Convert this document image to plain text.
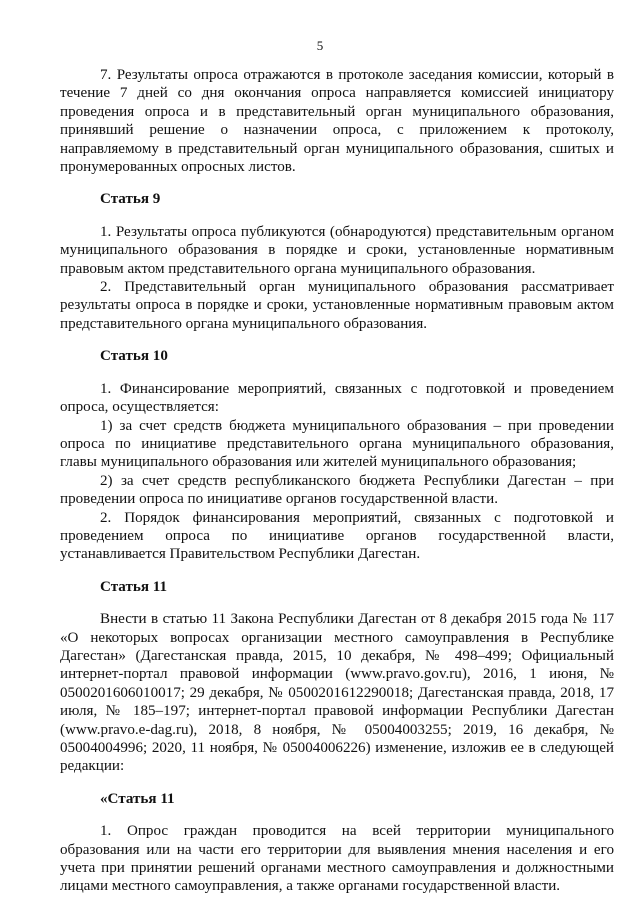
5

7. Результаты опроса отражаются в протоколе заседания комиссии, который в течение 7 дней со дня окончания опроса направляется комиссией инициатору проведения опроса и в представительный орган муниципального образования, принявший решение о назначении опроса, с приложением к протоколу, направляемому в представительный орган муниципального образования, сшитых и пронумерованных опросных листов.

Статья 9

1. Результаты опроса публикуются (обнародуются) представительным органом муниципального образования в порядке и сроки, установленные нормативным правовым актом представительного органа муниципального образования.

2. Представительный орган муниципального образования рассматривает результаты опроса в порядке и сроки, установленные нормативным правовым актом представительного органа муниципального образования.

Статья 10

1. Финансирование мероприятий, связанных с подготовкой и проведением опроса, осуществляется:

1) за счет средств бюджета муниципального образования – при проведении опроса по инициативе представительного органа муниципального образования, главы муниципального образования или жителей муниципального образования;

2) за счет средств республиканского бюджета Республики Дагестан – при проведении опроса по инициативе органов государственной власти.

2. Порядок финансирования мероприятий, связанных с подготовкой и проведением опроса по инициативе органов государственной власти, устанавливается Правительством Республики Дагестан.

Статья 11

Внести в статью 11 Закона Республики Дагестан от 8 декабря 2015 года № 117 «О некоторых вопросах организации местного самоуправления в Республике Дагестан» (Дагестанская правда, 2015, 10 декабря, № 498–499; Официальный интернет-портал правовой информации (www.pravo.gov.ru), 2016, 1 июня, № 0500201606010017; 29 декабря, № 0500201612290018; Дагестанская правда, 2018, 17 июля, № 185–197; интернет-портал правовой информации Республики Дагестан (www.pravo.e-dag.ru), 2018, 8 ноября, № 05004003255; 2019, 16 декабря, № 05004004996; 2020, 11 ноября, № 05004006226) изменение, изложив ее в следующей редакции:

«Статья 11

1. Опрос граждан проводится на всей территории муниципального образования или на части его территории для выявления мнения населения и его учета при принятии решений органами местного самоуправления и должностными лицами местного самоуправления, а также органами государственной власти.
